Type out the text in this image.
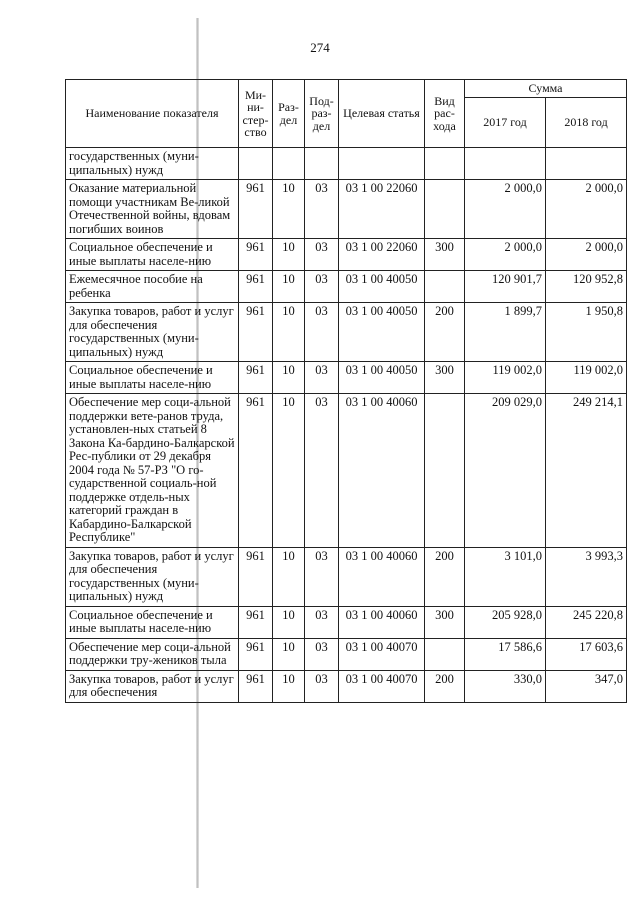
274
Наименование показателя	Ми-ни-стер-ство	Раз-дел	Под-раз-дел	Целевая статья	Вид рас-хода	Сумма	
						2017 год	2018 год
государственных (муни-ципальных) нужд							
Оказание материальной помощи участникам Ве-ликой Отечественной войны, вдовам погибших воинов	961	10	03	03 1 00 22060		2 000,0	2 000,0
Социальное обеспечение и иные выплаты населе-нию	961	10	03	03 1 00 22060	300	2 000,0	2 000,0
Ежемесячное пособие на ребенка	961	10	03	03 1 00 40050		120 901,7	120 952,8
Закупка товаров, работ и услуг для обеспечения государственных (муни-ципальных) нужд	961	10	03	03 1 00 40050	200	1 899,7	1 950,8
Социальное обеспечение и иные выплаты населе-нию	961	10	03	03 1 00 40050	300	119 002,0	119 002,0
Обеспечение мер соци-альной поддержки вете-ранов труда, установлен-ных статьей 8 Закона Ка-бардино-Балкарской Рес-публики от 29 декабря 2004 года № 57-РЗ "О го-сударственной социаль-ной поддержке отдель-ных категорий граждан в Кабардино-Балкарской Республике"	961	10	03	03 1 00 40060		209 029,0	249 214,1
Закупка товаров, работ и услуг для обеспечения государственных (муни-ципальных) нужд	961	10	03	03 1 00 40060	200	3 101,0	3 993,3
Социальное обеспечение и иные выплаты населе-нию	961	10	03	03 1 00 40060	300	205 928,0	245 220,8
Обеспечение мер соци-альной поддержки тру-жеников тыла	961	10	03	03 1 00 40070		17 586,6	17 603,6
Закупка товаров, работ и услуг для обеспечения	961	10	03	03 1 00 40070	200	330,0	347,0
